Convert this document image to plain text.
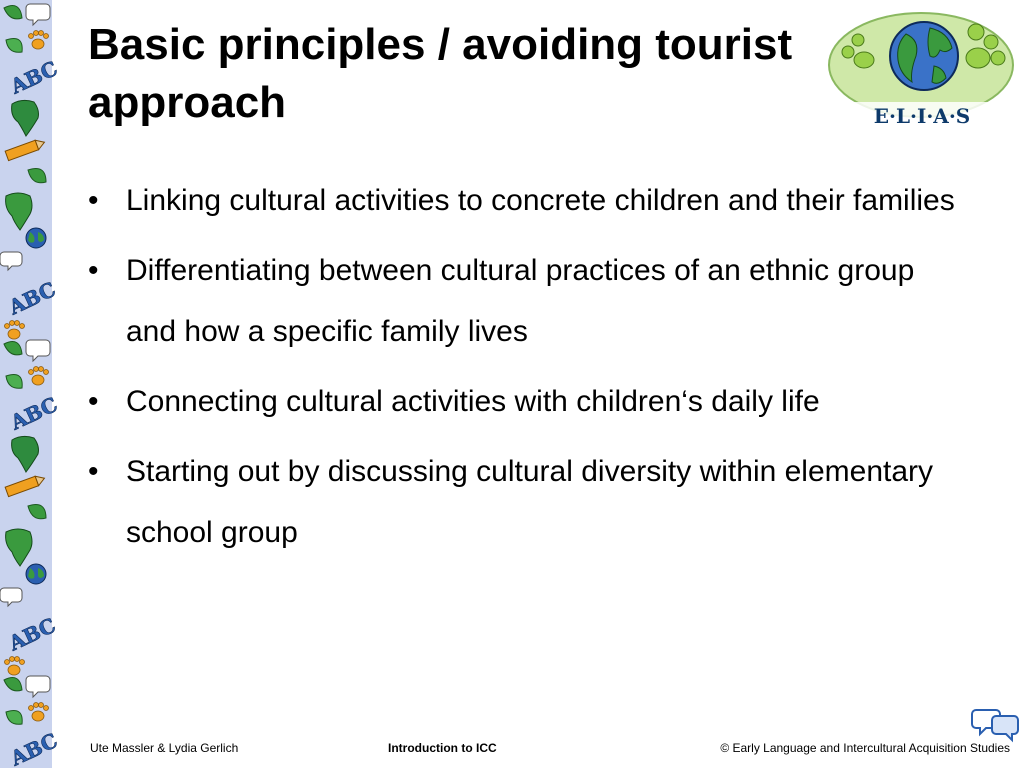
ABC
ABC
E·L·I·A·S
Basic principles / avoiding tourist approach
• Linking cultural activities to concrete children and their families
• Differentiating between cultural practices of an ethnic group and how a specific family lives
• Connecting cultural activities with children‘s daily life
• Starting out by discussing cultural diversity within elementary school group
Ute Massler & Lydia Gerlich	Introduction to ICC	© Early Language and Intercultural Acquisition Studies
